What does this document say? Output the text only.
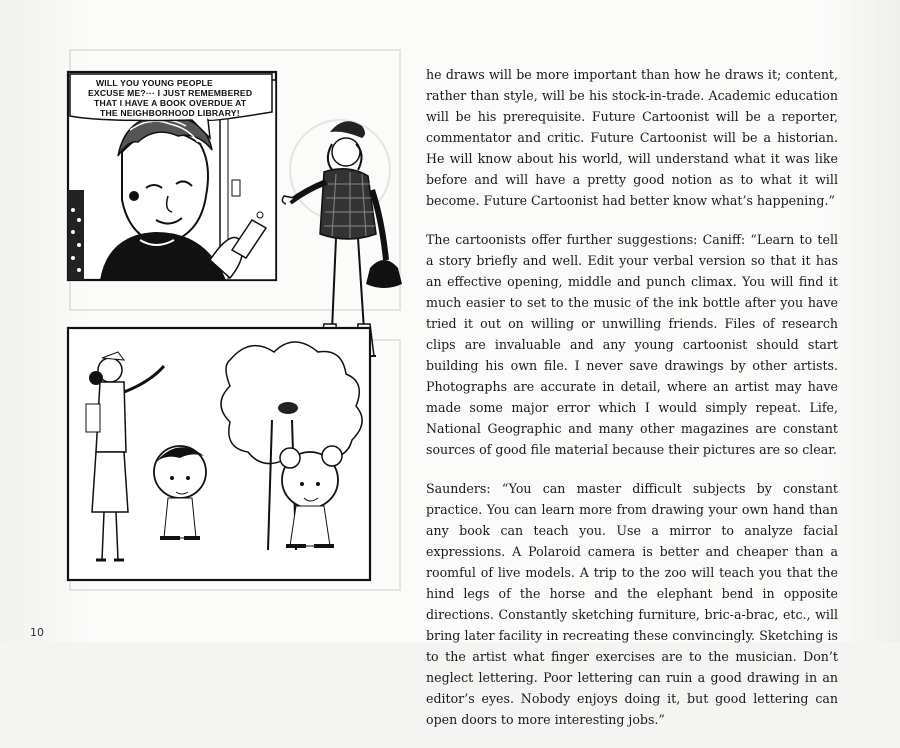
WILL YOU YOUNG PEOPLE
EXCUSE ME?··· I JUST REMEMBERED
THAT I HAVE A BOOK OVERDUE AT
THE NEIGHBORHOOD LIBRARY!

he draws will be more important than how he draws it; content, rather than style, will be his stock-in-trade. Academic education will be his prerequisite. Future Cartoonist will be a reporter, commentator and critic. Future Cartoonist will be a historian. He will know about his world, will understand what it was like before and will have a pretty good notion as to what it will become. Future Cartoonist had better know what’s happening.”

The cartoonists offer further suggestions: Caniff: “Learn to tell a story briefly and well. Edit your verbal version so that it has an effective opening, middle and punch climax. You will find it much easier to set to the music of the ink bottle after you have tried it out on willing or unwilling friends. Files of research clips are invaluable and any young cartoonist should start building his own file. I never save drawings by other artists. Photographs are accurate in detail, where an artist may have made some major error which I would simply repeat. Life, National Geographic and many other magazines are constant sources of good file material because their pictures are so clear.

Saunders: “You can master difficult subjects by constant practice. You can learn more from drawing your own hand than any book can teach you. Use a mirror to analyze facial expressions. A Polaroid camera is better and cheaper than a roomful of live models. A trip to the zoo will teach you that the hind legs of the horse and the elephant bend in opposite directions. Constantly sketching furniture, bric-a-brac, etc., will bring later facility in recreating these convincingly. Sketching is to the artist what finger exercises are to the musician. Don’t neglect lettering. Poor lettering can ruin a good drawing in an editor’s eyes. Nobody enjoys doing it, but good lettering can open doors to more interesting jobs.”

10
